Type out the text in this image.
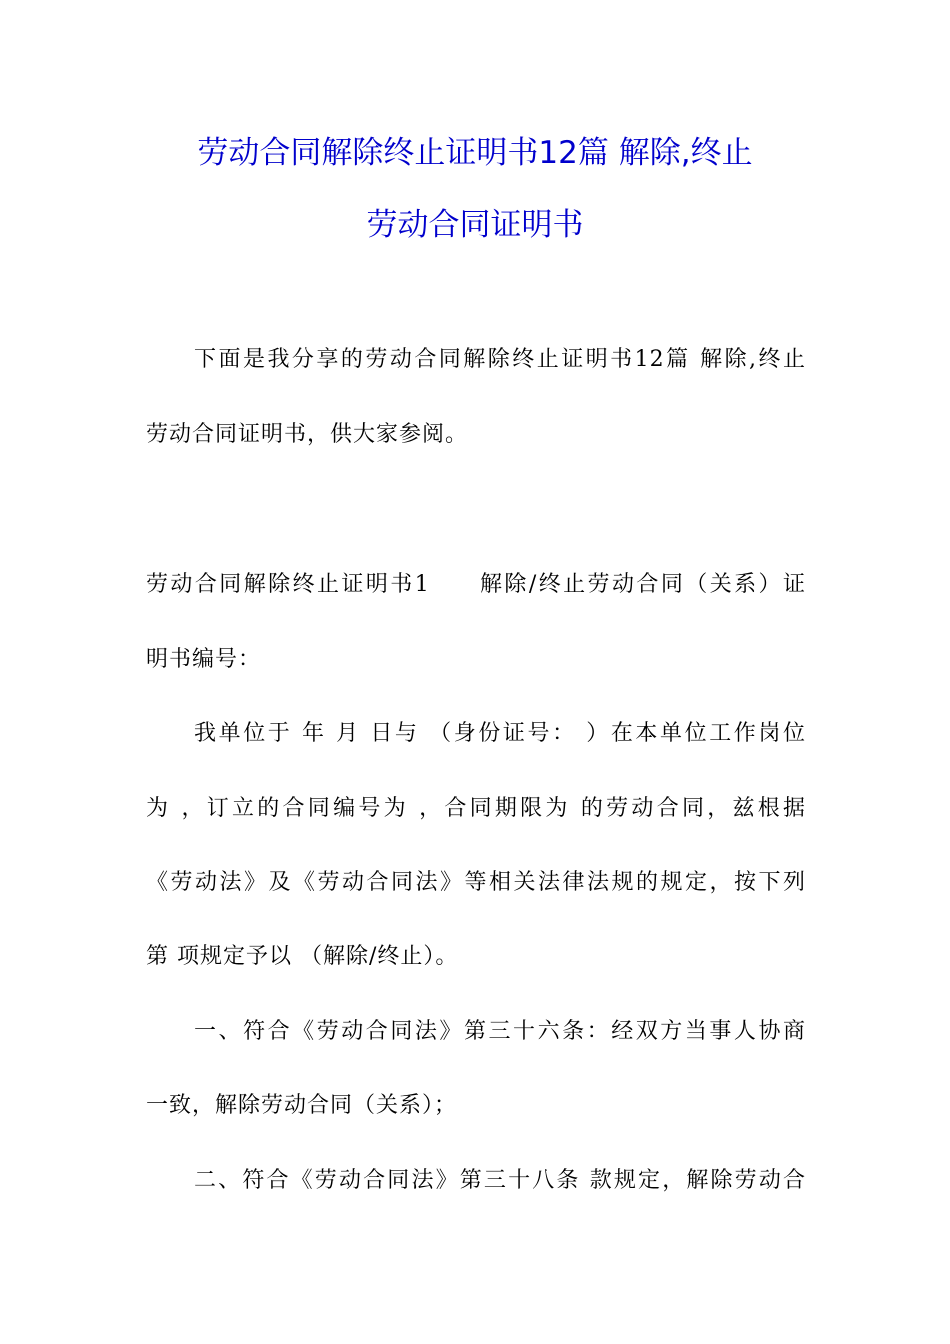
劳动合同解除终止证明书12篇 解除,终止
劳动合同证明书
下面是我分享的劳动合同解除终止证明书12篇 解除,终止
劳动合同证明书，供大家参阅。
劳动合同解除终止证明书1　　解除/终止劳动合同（关系）证
明书编号：
我单位于 年 月 日与 （身份证号： ）在本单位工作岗位
为 ，订立的合同编号为 ，合同期限为 的劳动合同，兹根据
《劳动法》及《劳动合同法》等相关法律法规的规定，按下列
第 项规定予以 （解除/终止）。
一、符合《劳动合同法》第三十六条：经双方当事人协商
一致，解除劳动合同（关系）；
二、符合《劳动合同法》第三十八条 款规定，解除劳动合
